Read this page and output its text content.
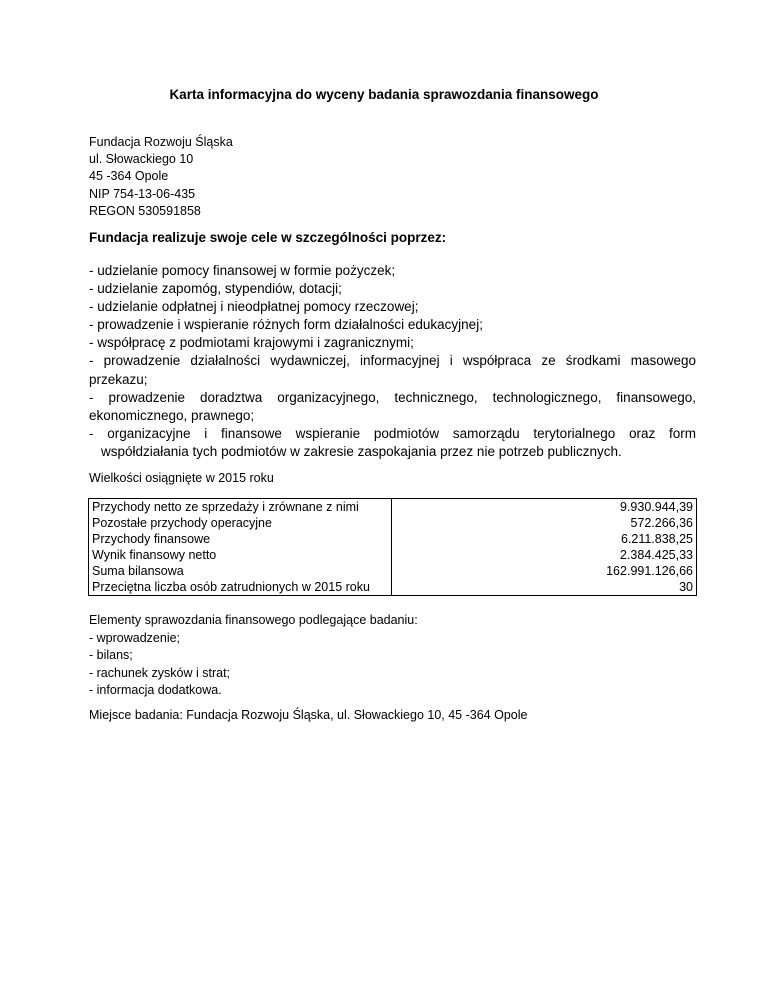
Karta informacyjna do wyceny badania sprawozdania finansowego
Fundacja Rozwoju Śląska
ul. Słowackiego 10
45 -364 Opole
NIP 754-13-06-435
REGON 530591858
Fundacja realizuje swoje cele w szczególności poprzez:
- udzielanie pomocy finansowej w formie pożyczek;
- udzielanie zapomóg, stypendiów, dotacji;
- udzielanie odpłatnej i nieodpłatnej pomocy rzeczowej;
- prowadzenie i wspieranie różnych form działalności edukacyjnej;
- współpracę z podmiotami krajowymi i zagranicznymi;
- prowadzenie działalności wydawniczej, informacyjnej i współpraca ze środkami masowego przekazu;
- prowadzenie doradztwa organizacyjnego, technicznego, technologicznego, finansowego, ekonomicznego, prawnego;
- organizacyjne i finansowe wspieranie podmiotów samorządu terytorialnego oraz form współdziałania tych podmiotów w zakresie zaspokajania przez nie potrzeb publicznych.
Wielkości osiągnięte w 2015 roku
Przychody netto ze sprzedaży i zrównane z nimi	9.930.944,39
Pozostałe przychody operacyjne	572.266,36
Przychody finansowe	6.211.838,25
Wynik finansowy netto	2.384.425,33
Suma bilansowa	162.991.126,66
Przeciętna liczba osób zatrudnionych w 2015 roku	30
Elementy sprawozdania finansowego podlegające badaniu:
- wprowadzenie;
- bilans;
- rachunek zysków i strat;
- informacja dodatkowa.
Miejsce badania: Fundacja Rozwoju Śląska, ul. Słowackiego 10, 45 -364 Opole
